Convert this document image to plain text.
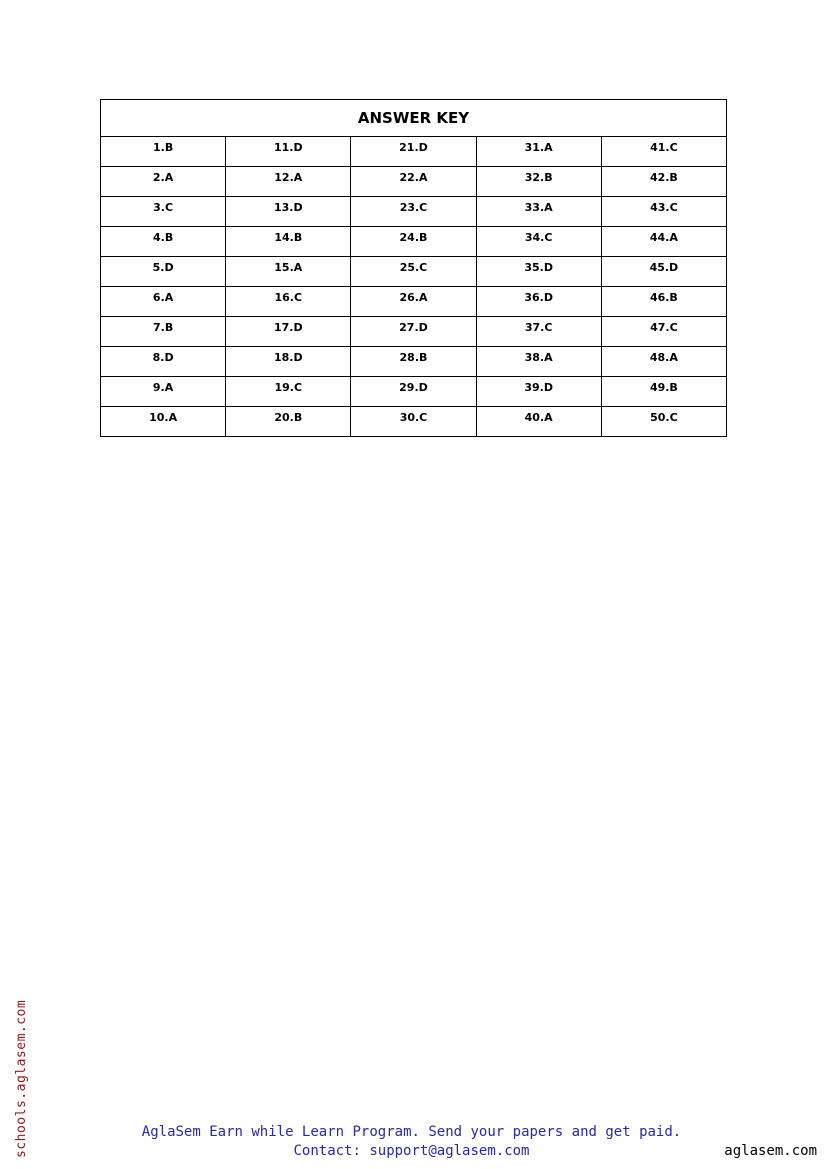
ANSWER KEY				
1.B	11.D	21.D	31.A	41.C
2.A	12.A	22.A	32.B	42.B
3.C	13.D	23.C	33.A	43.C
4.B	14.B	24.B	34.C	44.A
5.D	15.A	25.C	35.D	45.D
6.A	16.C	26.A	36.D	46.B
7.B	17.D	27.D	37.C	47.C
8.D	18.D	28.B	38.A	48.A
9.A	19.C	29.D	39.D	49.B
10.A	20.B	30.C	40.A	50.C
schools.aglasem.com	AglaSem Earn while Learn Program. Send your papers and get paid.
Contact: support@aglasem.com	aglasem.com
